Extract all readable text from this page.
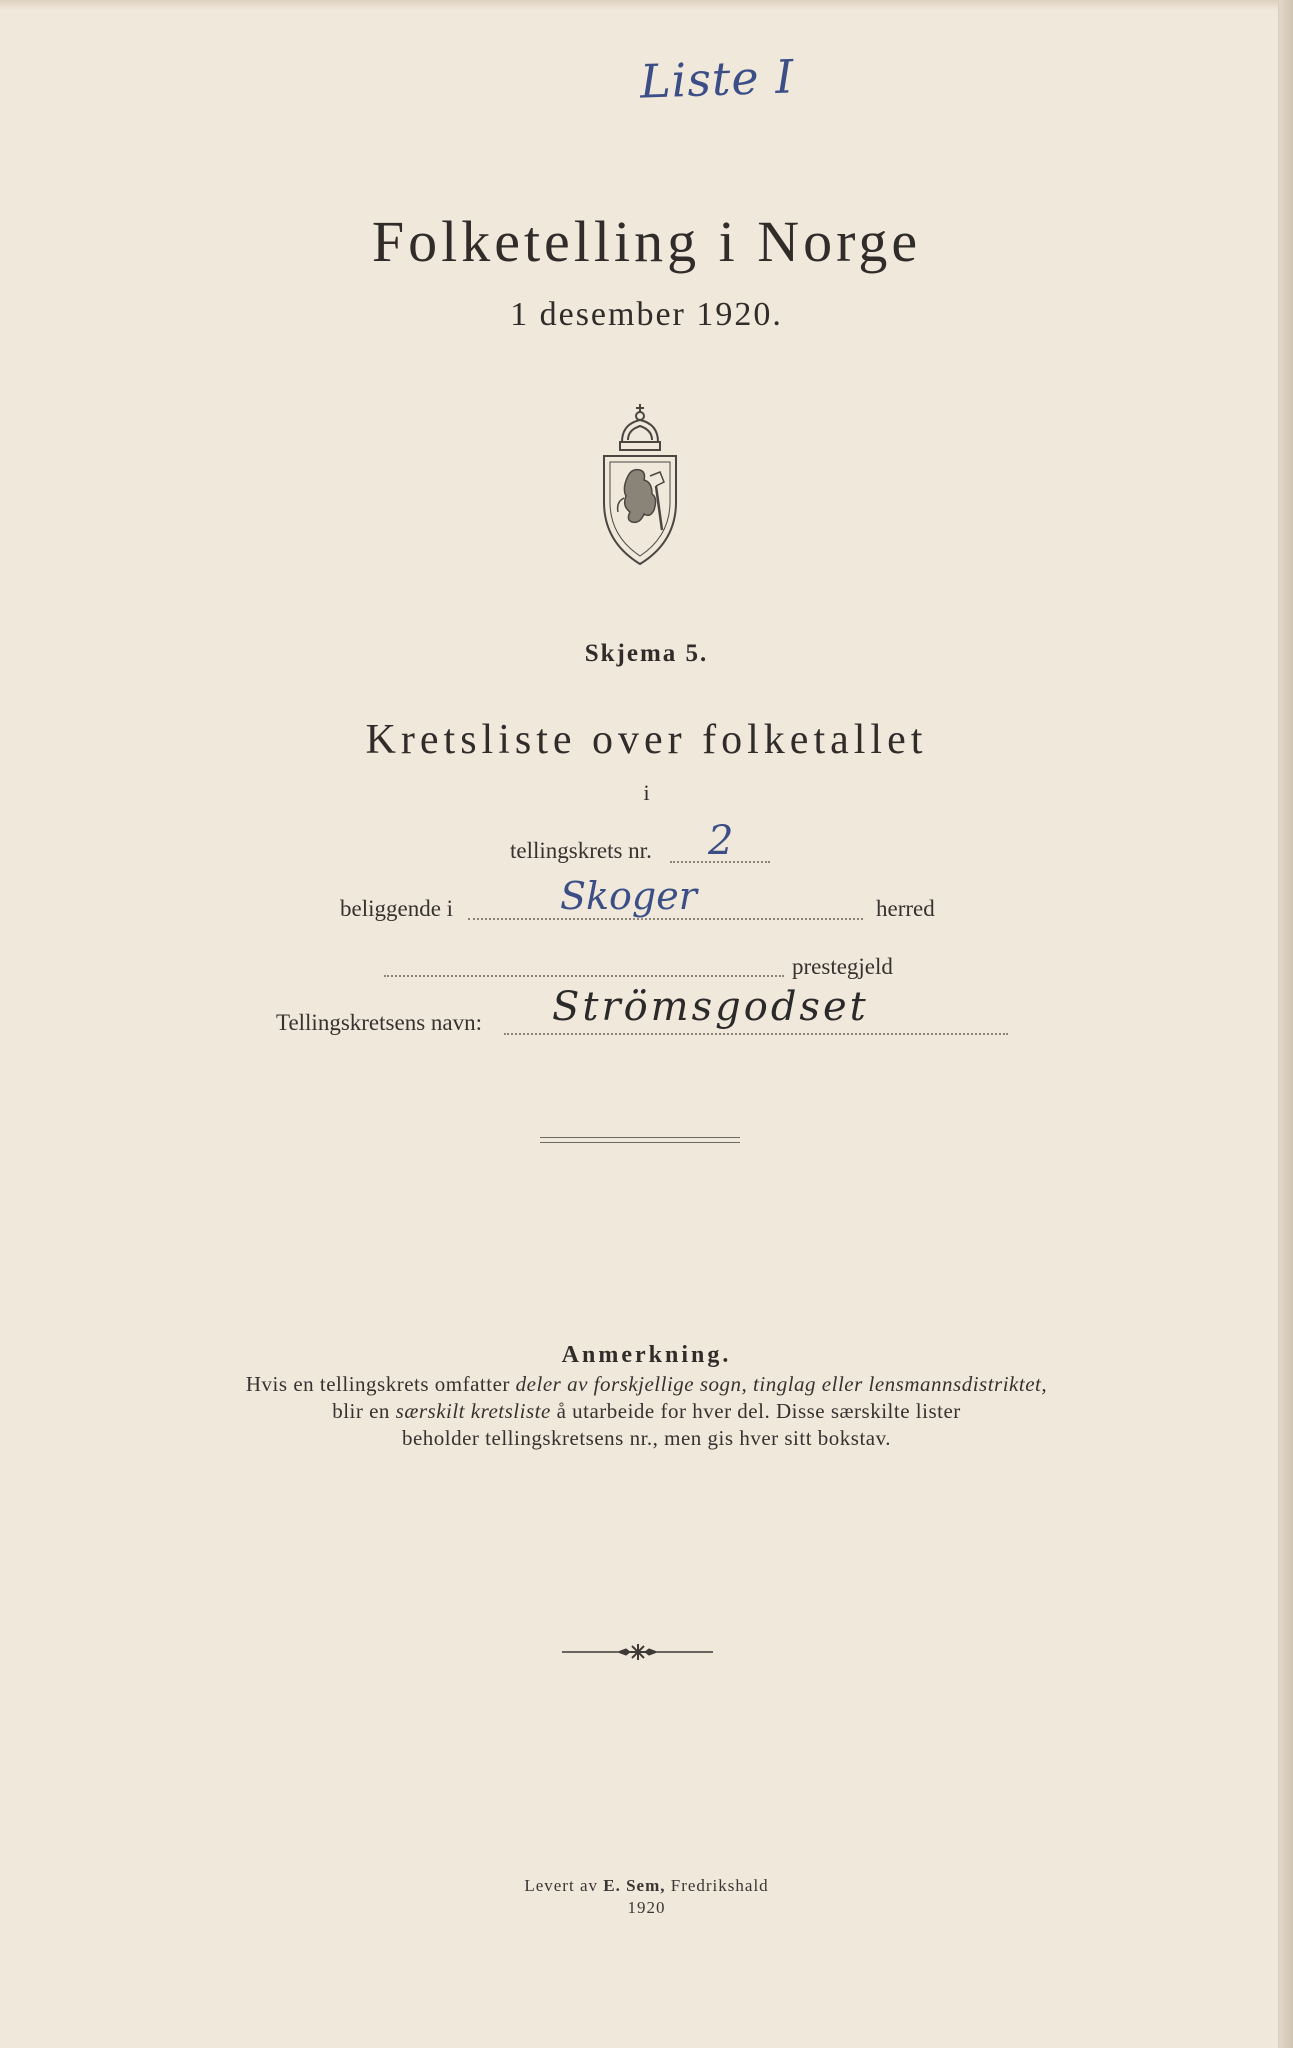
Liste I
Folketelling i Norge
1 desember 1920.
Skjema 5.
Kretsliste over folketallet
i
tellingskrets nr. 2
beliggende i	Skoger	herred
prestegjeld
Tellingskretsens navn: Strömsgodset
Anmerkning.
Hvis en tellingskrets omfatter deler av forskjellige sogn, tinglag eller lensmannsdistriktet,
blir en særskilt kretsliste å utarbeide for hver del. Disse særskilte lister
beholder tellingskretsens nr., men gis hver sitt bokstav.
Levert av E. Sem, Fredrikshald
1920
